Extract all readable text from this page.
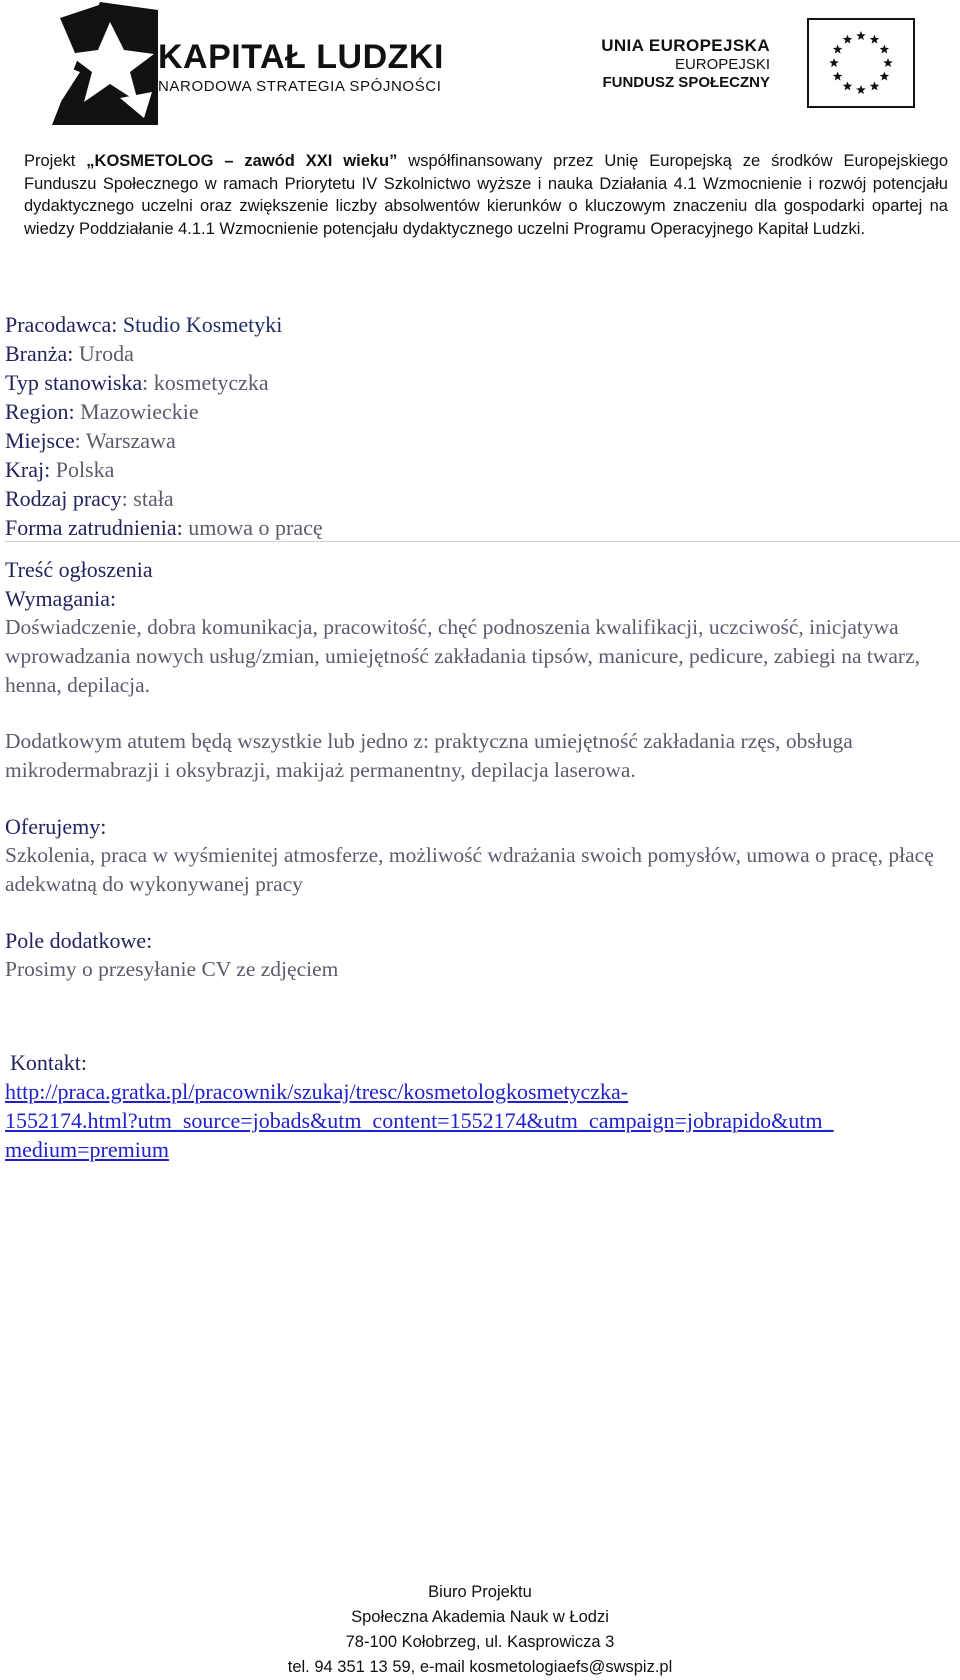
KAPITAŁ LUDZKI
NARODOWA STRATEGIA SPÓJNOŚCI
UNIA EUROPEJSKA
EUROPEJSKI
FUNDUSZ SPOŁECZNY
Projekt „KOSMETOLOG – zawód XXI wieku” współfinansowany przez Unię Europejską ze środków Europejskiego Funduszu Społecznego w ramach Priorytetu IV Szkolnictwo wyższe i nauka Działania 4.1 Wzmocnienie i rozwój potencjału dydaktycznego uczelni oraz zwiększenie liczby absolwentów kierunków o kluczowym znaczeniu dla gospodarki opartej na wiedzy Poddziałanie 4.1.1 Wzmocnienie potencjału dydaktycznego uczelni Programu Operacyjnego Kapitał Ludzki.
Pracodawca: Studio Kosmetyki
Branża: Uroda
Typ stanowiska: kosmetyczka
Region: Mazowieckie
Miejsce: Warszawa
Kraj: Polska
Rodzaj pracy: stała
Forma zatrudnienia: umowa o pracę
Treść ogłoszenia
Wymagania:

Doświadczenie, dobra komunikacja, pracowitość, chęć podnoszenia kwalifikacji, uczciwość, inicjatywa wprowadzania nowych usług/zmian, umiejętność zakładania tipsów, manicure, pedicure, zabiegi na twarz, henna, depilacja.

Dodatkowym atutem będą wszystkie lub jedno z: praktyczna umiejętność zakładania rzęs, obsługa mikrodermabrazji i oksybrazji, makijaż permanentny, depilacja laserowa.

Oferujemy:

Szkolenia, praca w wyśmienitej atmosferze, możliwość wdrażania swoich pomysłów, umowa o pracę, płacę adekwatną do wykonywanej pracy

Pole dodatkowe:

Prosimy o przesyłanie CV ze zdjęciem

Kontakt:
http://praca.gratka.pl/pracownik/szukaj/tresc/kosmetologkosmetyczka-
1552174.html?utm_source=jobads&utm_content=1552174&utm_campaign=jobrapido&utm_
medium=premium
Biuro Projektu
Społeczna Akademia Nauk w Łodzi
78-100 Kołobrzeg, ul. Kasprowicza 3
tel. 94 351 13 59, e-mail kosmetologiaefs@swspiz.pl
